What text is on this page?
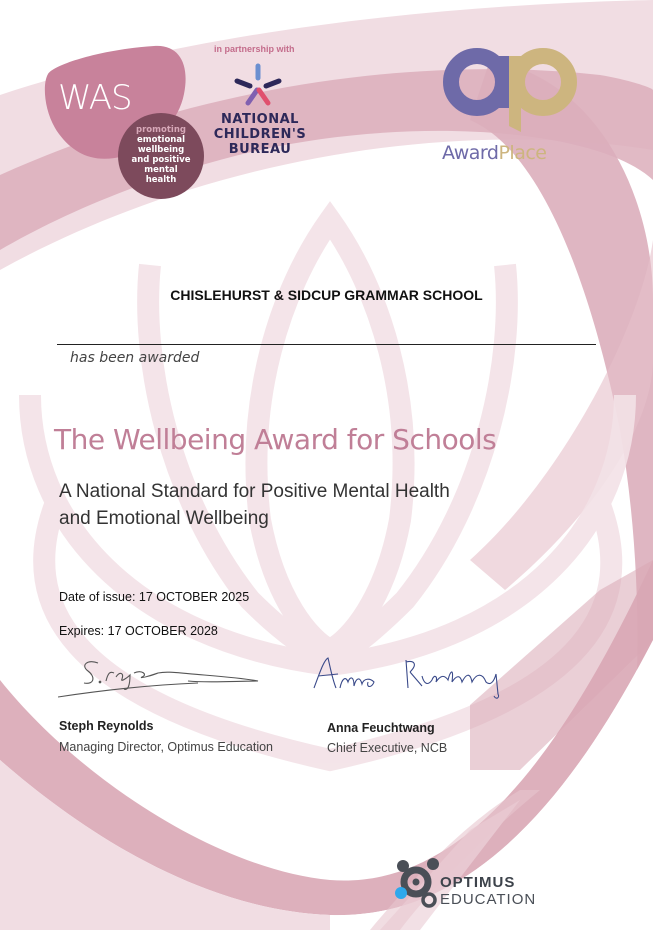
WAS
promoting
emotional
wellbeing
and positive
mental
health
in partnership with
NATIONAL
CHILDREN'S
BUREAU	AwardPlace
CHISLEHURST & SIDCUP GRAMMAR SCHOOL
has been awarded
The Wellbeing Award for Schools
A National Standard for Positive Mental Health
and Emotional Wellbeing
Date of issue: 17 OCTOBER 2025
Expires: 17 OCTOBER 2028
Steph Reynolds
Managing Director, Optimus Education
Anna Feuchtwang
Chief Executive, NCB
OPTIMUS EDUCATION
